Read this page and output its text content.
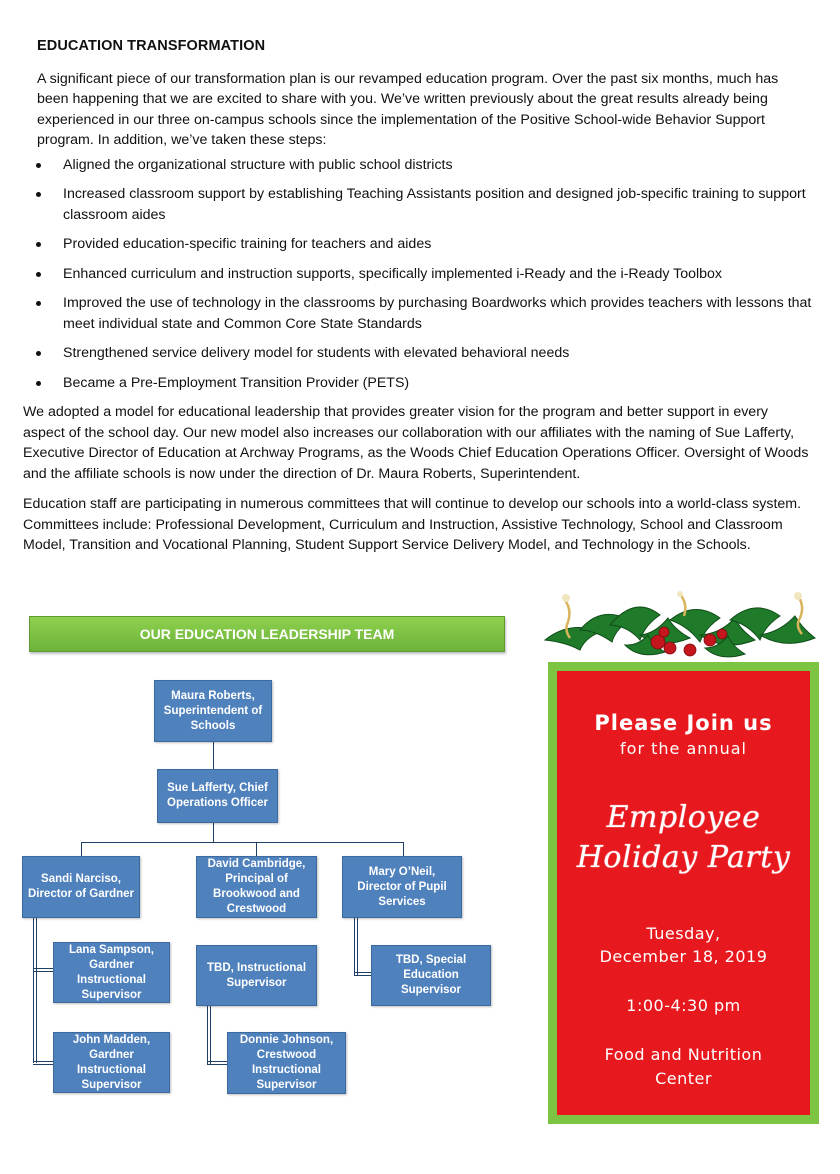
EDUCATION TRANSFORMATION

A significant piece of our transformation plan is our revamped education program. Over the past six months, much has been happening that we are excited to share with you. We’ve written previously about the great results already being experienced in our three on-campus schools since the implementation of the Positive School-wide Behavior Support program. In addition, we’ve taken these steps:

Aligned the organizational structure with public school districts
Increased classroom support by establishing Teaching Assistants position and designed job-specific training to support classroom aides
Provided education-specific training for teachers and aides
Enhanced curriculum and instruction supports, specifically implemented i-Ready and the i-Ready Toolbox
Improved the use of technology in the classrooms by purchasing Boardworks which provides teachers with lessons that meet individual state and Common Core State Standards
Strengthened service delivery model for students with elevated behavioral needs
Became a Pre-Employment Transition Provider (PETS)

We adopted a model for educational leadership that provides greater vision for the program and better support in every aspect of the school day. Our new model also increases our collaboration with our affiliates with the naming of Sue Lafferty, Executive Director of Education at Archway Programs, as the Woods Chief Education Operations Officer. Oversight of Woods and the affiliate schools is now under the direction of Dr. Maura Roberts, Superintendent.

Education staff are participating in numerous committees that will continue to develop our schools into a world-class system. Committees include: Professional Development, Curriculum and Instruction, Assistive Technology, School and Classroom Model, Transition and Vocational Planning, Student Support Service Delivery Model, and Technology in the Schools.

OUR EDUCATION LEADERSHIP TEAM
Maura Roberts, Superintendent of Schools
Sue Lafferty, Chief Operations Officer
Sandi Narciso, Director of Gardner
David Cambridge, Principal of Brookwood and Crestwood
Mary O’Neil, Director of Pupil Services
Lana Sampson, Gardner Instructional Supervisor
TBD, Instructional Supervisor
TBD, Special Education Supervisor
John Madden, Gardner Instructional Supervisor
Donnie Johnson, Crestwood Instructional Supervisor

Please Join us

for the annual

Employee
Holiday Party
Tuesday,
December 18, 2019
1:00-4:30 pm
Food and Nutrition
Center
